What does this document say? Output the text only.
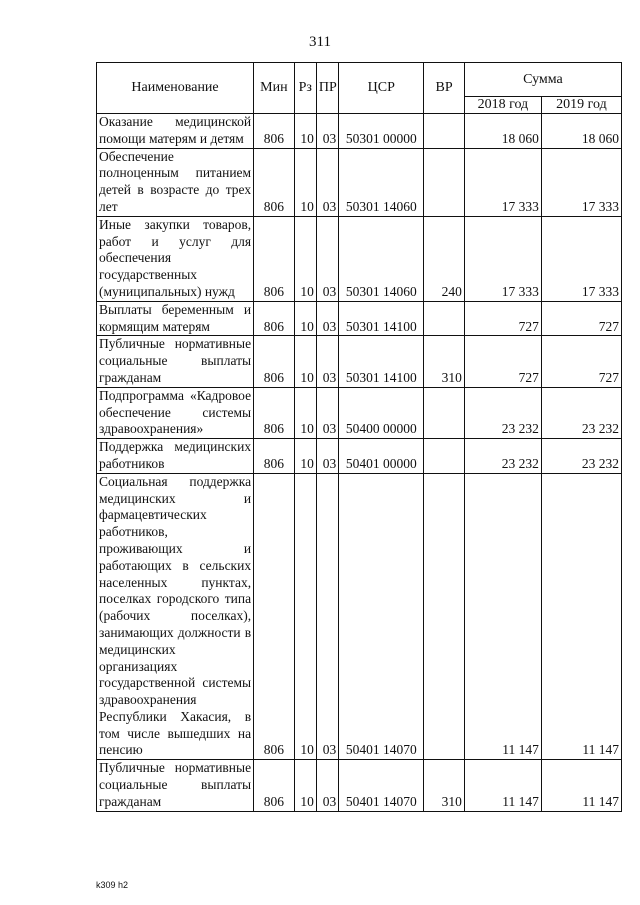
311
Наименование	Мин	Рз	ПР	ЦСР	ВР	Сумма	
						2018 год	2019 год
Оказание медицинской помощи матерям и детям	806	10	03	50301 00000		18 060	18 060
Обеспечение полноценным питанием детей в возрасте до трех лет	806	10	03	50301 14060		17 333	17 333
Иные закупки товаров, работ и услуг для обеспечения государственных (муниципальных) нужд	806	10	03	50301 14060	240	17 333	17 333
Выплаты беременным и кормящим матерям	806	10	03	50301 14100		727	727
Публичные нормативные социальные выплаты гражданам	806	10	03	50301 14100	310	727	727
Подпрограмма «Кадровое обеспечение системы здравоохранения»	806	10	03	50400 00000		23 232	23 232
Поддержка медицинских работников	806	10	03	50401 00000		23 232	23 232
Социальная поддержка медицинских и фармацевтических работников, проживающих и работающих в сельских населенных пунктах, поселках городского типа (рабочих поселках), занимающих должности в медицинских организациях государственной системы здравоохранения Республики Хакасия, в том числе вышедших на пенсию	806	10	03	50401 14070		11 147	11 147
Публичные нормативные социальные выплаты гражданам	806	10	03	50401 14070	310	11 147	11 147
k309 h2
